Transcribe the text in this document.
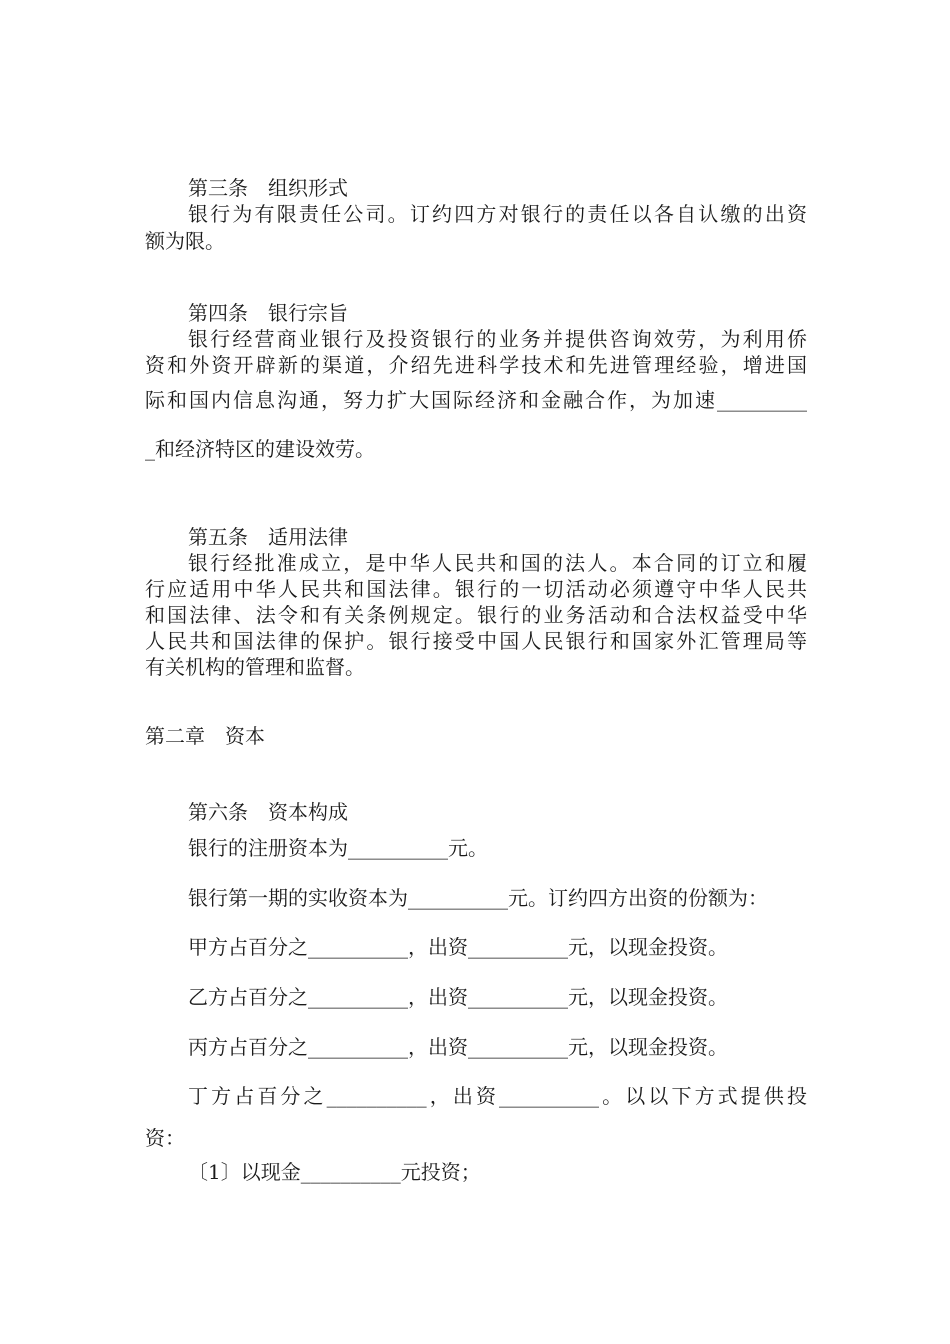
第三条　组织形式
银行为有限责任公司。订约四方对银行的责任以各自认缴的出资
额为限。
第四条　银行宗旨
银行经营商业银行及投资银行的业务并提供咨询效劳，为利用侨
资和外资开辟新的渠道，介绍先进科学技术和先进管理经验，增进国
际和国内信息沟通，努力扩大国际经济和金融合作，为加速_________
_和经济特区的建设效劳。
第五条　适用法律
银行经批准成立，是中华人民共和国的法人。本合同的订立和履
行应适用中华人民共和国法律。银行的一切活动必须遵守中华人民共
和国法律、法令和有关条例规定。银行的业务活动和合法权益受中华
人民共和国法律的保护。银行接受中国人民银行和国家外汇管理局等
有关机构的管理和监督。
第二章　资本
第六条　资本构成
银行的注册资本为__________元。
银行第一期的实收资本为__________元。订约四方出资的份额为：
甲方占百分之__________，出资__________元，以现金投资。
乙方占百分之__________，出资__________元，以现金投资。
丙方占百分之__________，出资__________元，以现金投资。
丁方占百分之__________，出资__________。以以下方式提供投
资：
〔1〕以现金__________元投资；
